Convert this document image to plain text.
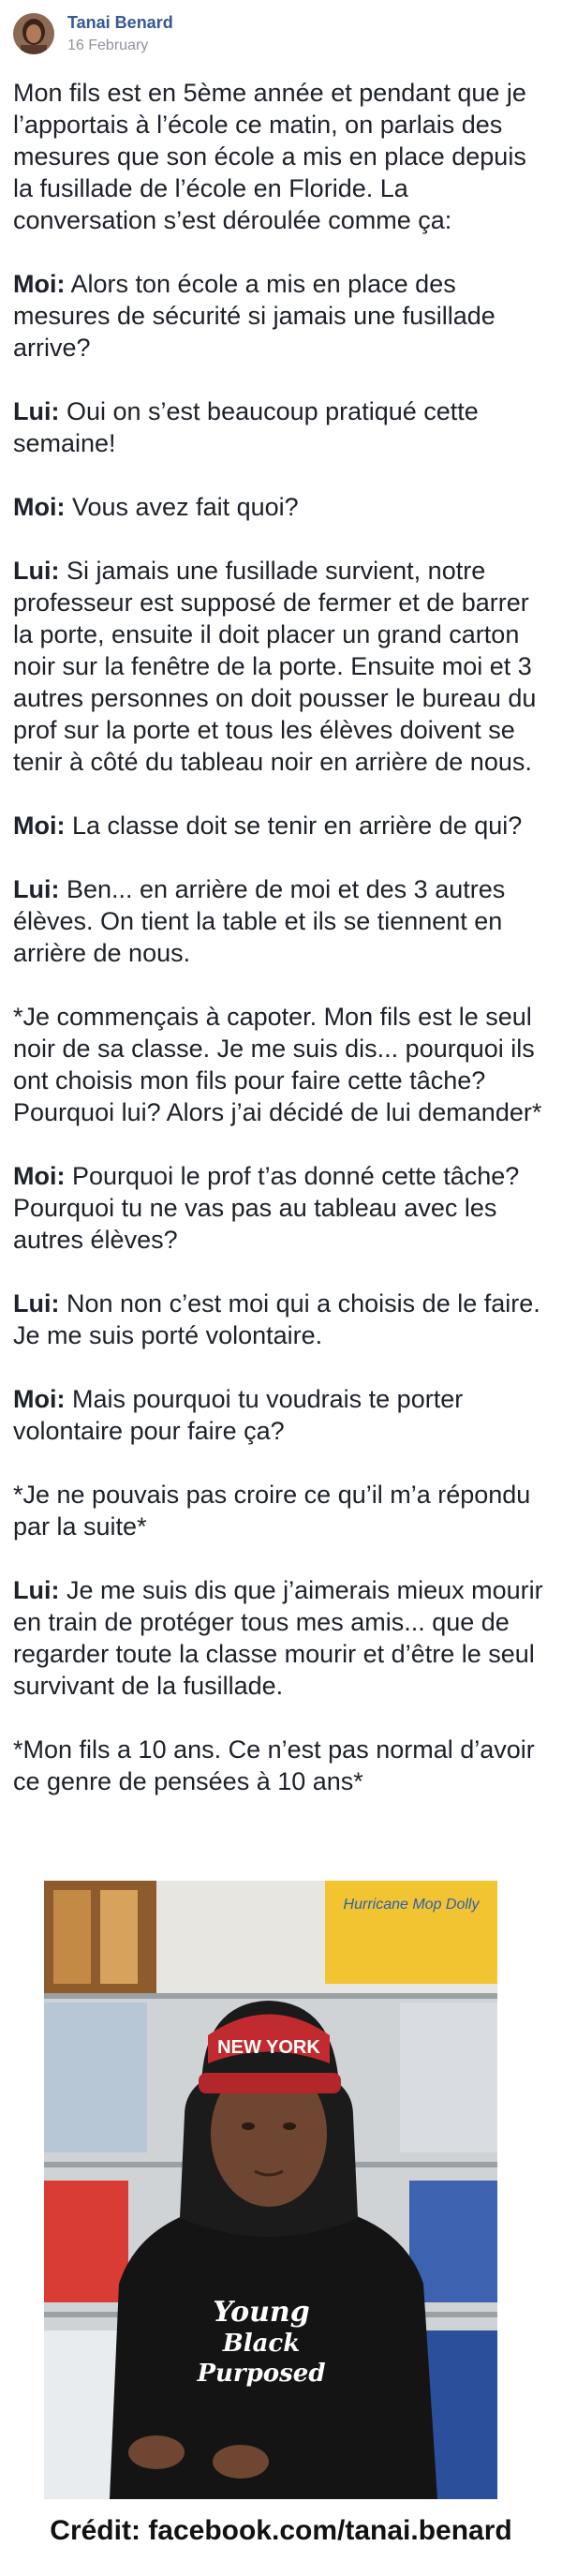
Tanai Benard
16 February

Mon fils est en 5ème année et pendant que je l’apportais à l’école ce matin, on parlais des mesures que son école a mis en place depuis la fusillade de l’école en Floride. La conversation s’est déroulée comme ça:

Moi: Alors ton école a mis en place des mesures de sécurité si jamais une fusillade arrive?

Lui: Oui on s’est beaucoup pratiqué cette semaine!

Moi: Vous avez fait quoi?

Lui: Si jamais une fusillade survient, notre professeur est supposé de fermer et de barrer la porte, ensuite il doit placer un grand carton noir sur la fenêtre de la porte. Ensuite moi et 3 autres personnes on doit pousser le bureau du prof sur la porte et tous les élèves doivent se tenir à côté du tableau noir en arrière de nous.

Moi: La classe doit se tenir en arrière de qui?

Lui: Ben... en arrière de moi et des 3 autres élèves. On tient la table et ils se tiennent en arrière de nous.

*Je commençais à capoter. Mon fils est le seul noir de sa classe. Je me suis dis... pourquoi ils ont choisis mon fils pour faire cette tâche? Pourquoi lui? Alors j’ai décidé de lui demander*

Moi: Pourquoi le prof t’as donné cette tâche? Pourquoi tu ne vas pas au tableau avec les autres élèves?

Lui: Non non c’est moi qui a choisis de le faire. Je me suis porté volontaire.

Moi: Mais pourquoi tu voudrais te porter volontaire pour faire ça?

*Je ne pouvais pas croire ce qu’il m’a répondu par la suite*

Lui: Je me suis dis que j’aimerais mieux mourir en train de protéger tous mes amis... que de regarder toute la classe mourir et d’être le seul survivant de la fusillade.

*Mon fils a 10 ans. Ce n’est pas normal d’avoir ce genre de pensées à 10 ans*

Hurricane Mop Dolly
NEW YORK
Young
Black
Purposed
Crédit: facebook.com/tanai.benard
